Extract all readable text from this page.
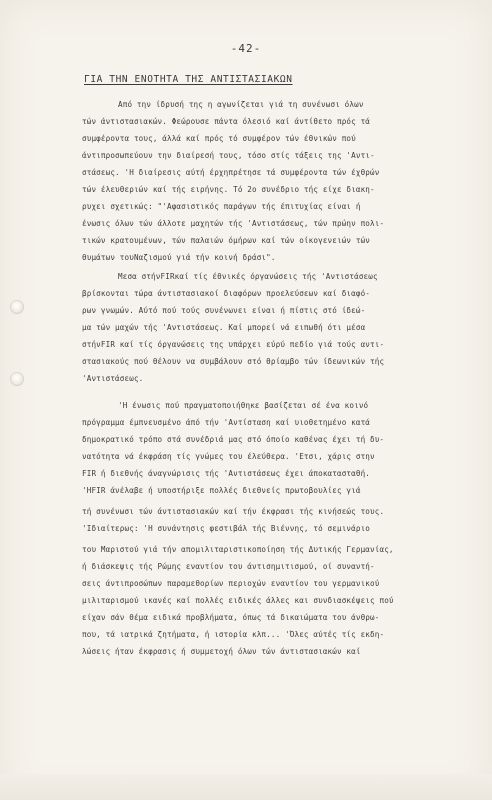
-42-
ΓΙΑ ΤΗΝ ΕΝΟΤΗΤΑ ΤΗΣ ΑΝΤΙΣΤΑΣΙΑΚΩΝ
Από την ίδρυσή της η αγωνίζεται γιά τη συνένωσι όλων
τών άντιστασιακών. Φεώρουσε πάντα όλεσιό καί άντίθετο πρός τά
συμφέροντα τους, άλλά καί πρός τό συμφέρον τών έθνικών πού
άντιπροσωπεύουν την διαίρεσή τους, τόσο στίς τάξεις της 'Αντι-
στάσεως. 'Η διαίρεσις αύτή έρχηπρέτησε τά συμφέροντα τών έχθρών
τών έλευθεριών καί τής ειρήνης. Τό 2ο συνέδριο τής είχε διακη-
ρυχει σχετικώς: "'Αφασιστικός παράγων τής έπιτυχίας είναι ή
ένωσις όλων τών άλλοτε μαχητών τής 'Αντιστάσεως, τών πρώην πολι-
τικών κρατουμένων, τών παλαιών όμήρων καί τών οίκογενειών τών
θυμάτων τουΝαζισμού γιά τήν κοινή δράσι".
Μεσα στήνFIRκαί τίς έθνικές όργανώσεις τής 'Αντιστάσεως
βρίσκονται τώρα άντιστασιακοί διαφόρων προελεύσεων καί διαφό-
ρων γνωμών. Αύτό πού τούς συνένωνει είναι ή πίστις στό ίδεώ-
μα τών μαχών τής 'Αντιστάσεως. Καί μπορεί νά ειπωθή ότι μέσα
στήνFIR καί τίς όργανώσεις της υπάρχει εύρύ πεδίο γιά τούς αντι-
στασιακούς πού θέλουν να συμβάλουν στό θρίαμβο τών ίδεωνικών τής
'Αντιστάσεως.
'Η ένωσις πού πραγματοποιήθηκε βασίζεται σέ ένα κοινό
πρόγραμμα έμπνευσμένο άπό τήν 'Αντίσταση καί υιοθετημένο κατά
δημοκρατικό τρόπο στά συνέδριά μας στό όποίο καθένας έχει τή δυ-
νατότητα νά έκφράση τίς γνώμες του έλεύθερα. 'Ετσι, χάρις στην
FIR ή διεθνής άναγνώρισις τής 'Αντιστάσεως έχει άποκατασταθή.
'ΗFIR άνέλαβε ή υποστήριξε πολλές διεθνείς πρωτοβουλίες γιά
τή συνένωσι τών άντιστασιακών καί τήν έκφρασι τής κινήσεώς τους.
'Ιδιαίτερως: 'Η συνάντησις φεστιβάλ τής Βιέννης, τό σεμινάριο
του Μαριστού γιά τήν απομιλιταριστικοποίηση τής Δυτικής Γερμανίας,
ή διάσκεψις τής Ρώμης εναντίον του άντισημιτισμού, οί συναντή-
σεις άντιπροσώπων παραμεθορίων περιοχών εναντίον του γερμανικού
μιλιταρισμού ικανές καί πολλές ειδικές άλλες και συνδιασκέψεις πού
είχαν σάν θέμα ειδικά προβλήματα, όπως τά δικαιώματα του άνθρω-
που, τά ιατρικά ζητήματα, ή ιστορία κλπ... 'Όλες αύτές τίς εκδη-
λώσεις ήταν έκφρασις ή συμμετοχή όλων τών άντιστασιακών καί
